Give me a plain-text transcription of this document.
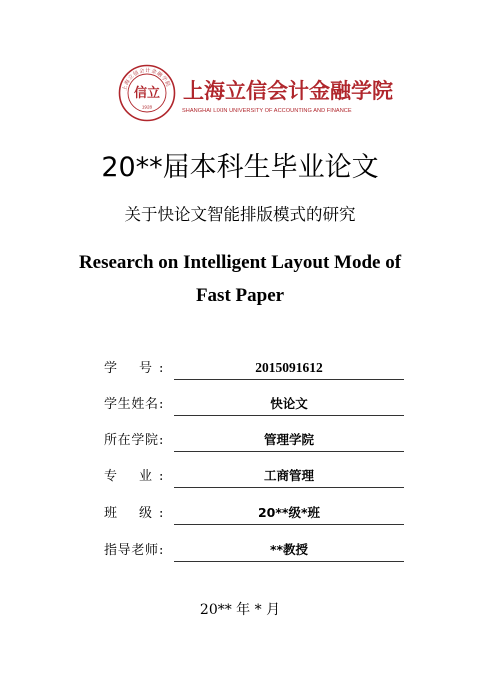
上海立信会计金融学院
信立
1928
上海立信会计金融学院
SHANGHAI LIXIN UNIVERSITY OF ACCOUNTING AND FINANCE
20**届本科生毕业论文
关于快论文智能排版模式的研究
Research on Intelligent Layout Mode of
Fast Paper
学号 :	2015091612
学生姓名 :	快论文
所在学院 :	管理学院
专业 :	工商管理
班级 :	20**级*班
指导老师 :	**教授
20** 年 * 月
